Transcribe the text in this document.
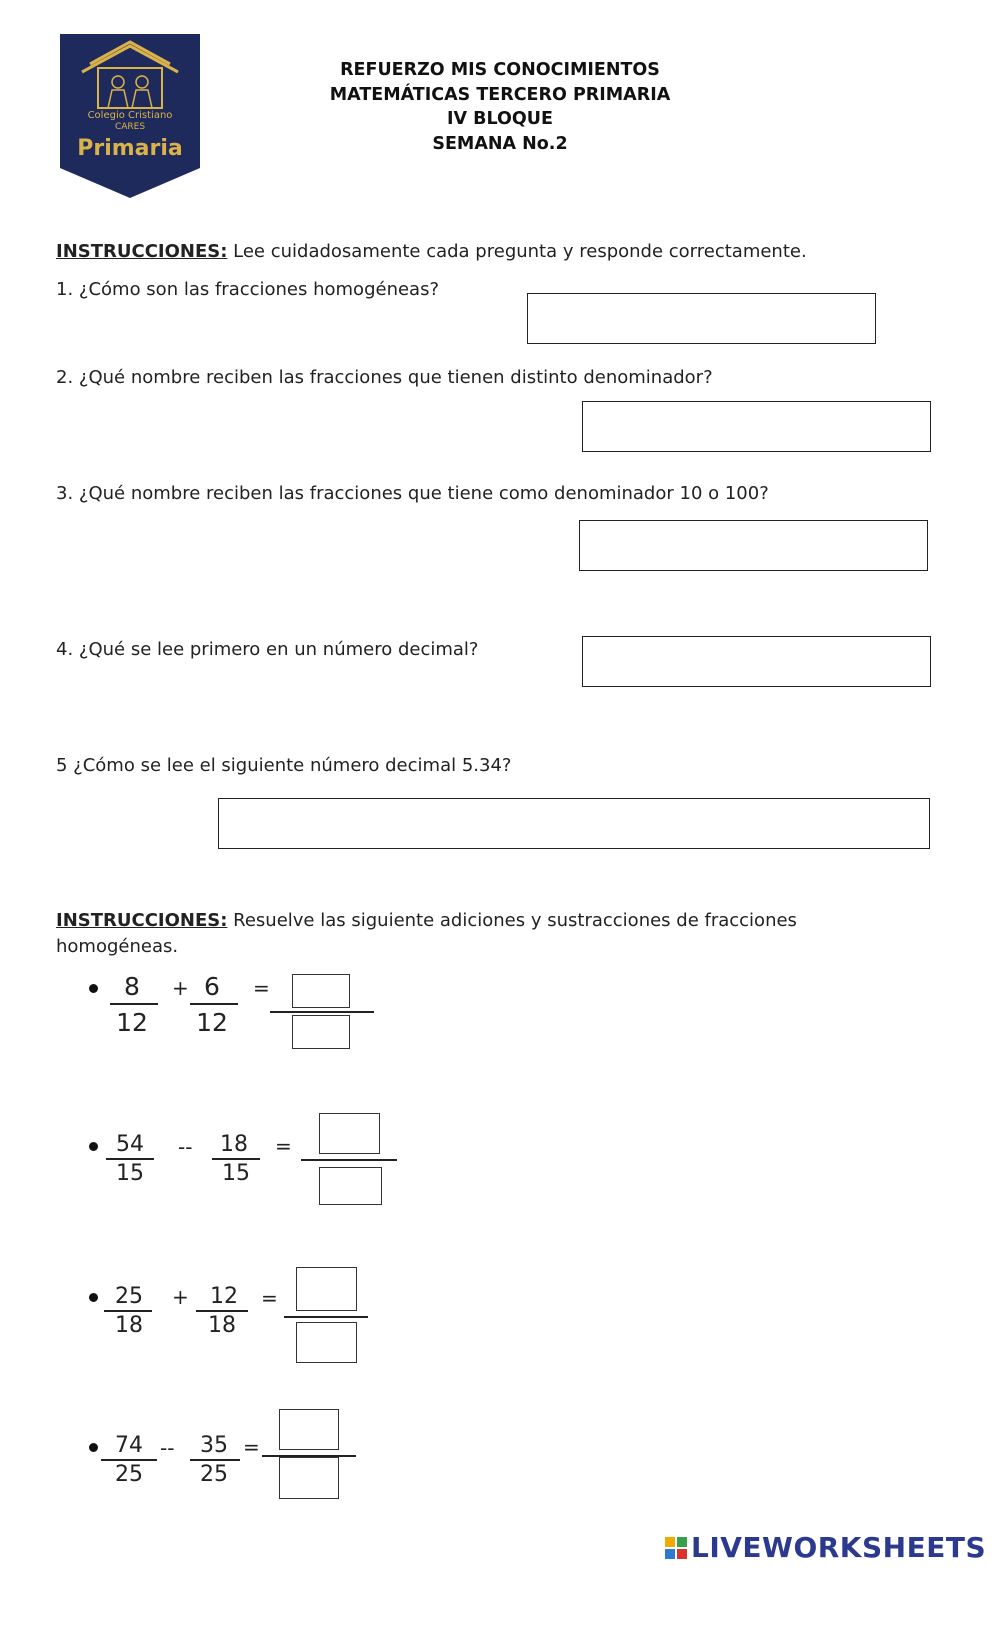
Colegio Cristiano
CARES
Primaria
REFUERZO MIS CONOCIMIENTOS
MATEMÁTICAS TERCERO PRIMARIA
IV BLOQUE
SEMANA No.2
INSTRUCCIONES: Lee cuidadosamente cada pregunta y responde correctamente.
1. ¿Cómo son las fracciones homogéneas?
2. ¿Qué nombre reciben las fracciones que tienen distinto denominador?
3. ¿Qué nombre reciben las fracciones que tiene como denominador 10 o 100?
4. ¿Qué se lee primero en un número decimal?
5 ¿Cómo se lee el siguiente número decimal 5.34?
INSTRUCCIONES: Resuelve las siguiente adiciones y sustracciones de fracciones homogéneas.
8
12
+ 6
12
=
54
15
--	18
15
=
25
18
+ 12
18
=
74
25
--	35
25
=
LIVEWORKSHEETS
